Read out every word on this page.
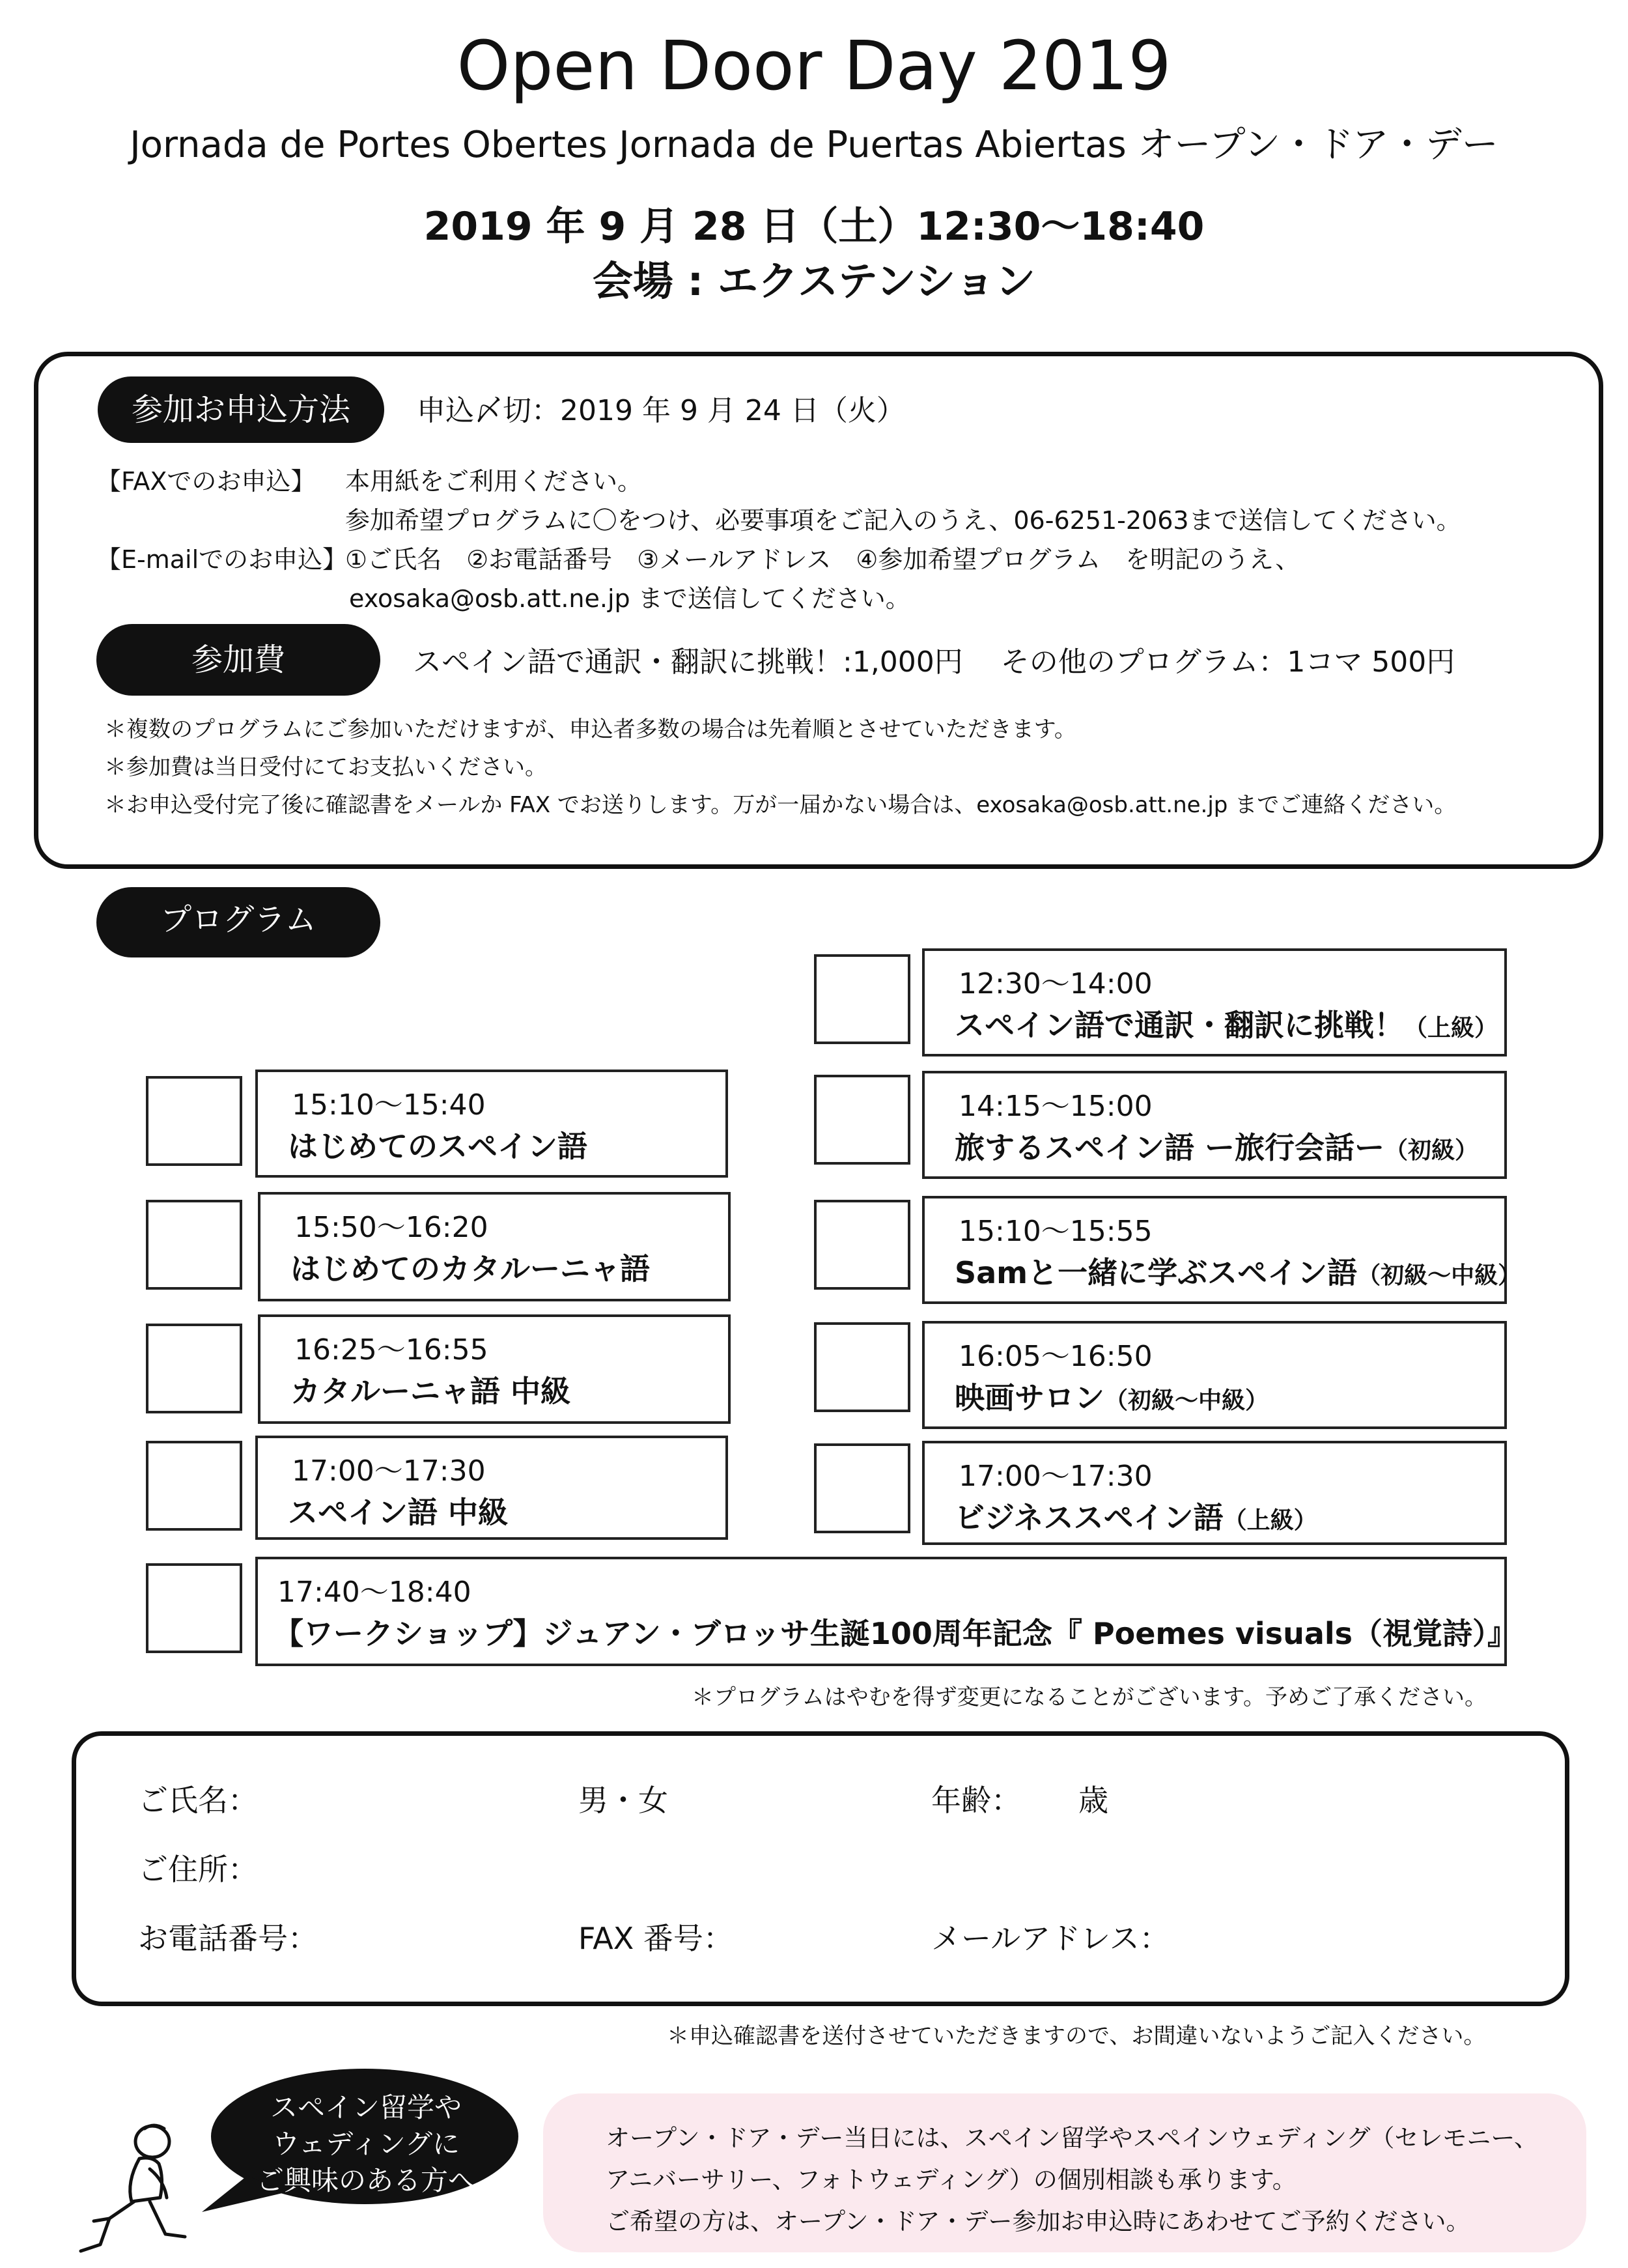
Open Door Day 2019
Jornada de Portes Obertes Jornada de Puertas Abiertas オープン・ドア・デー
2019 年 9 月 28 日（土）12:30〜18:40
会場 : エクステンション
参加お申込方法	申込〆切：2019 年 9 月 24 日（火）
【FAXでのお申込】 本用紙をご利用ください。
参加希望プログラムに〇をつけ、必要事項をご記入のうえ、06-6251-2063まで送信してください。
【E-mailでのお申込】
①ご氏名　②お電話番号　③メールアドレス　④参加希望プログラム　を明記のうえ、
exosaka@osb.att.ne.jp まで送信してください。
参加費	スペイン語で通訳・翻訳に挑戦！:1,000円　 その他のプログラム：1コマ 500円
＊複数のプログラムにご参加いただけますが、申込者多数の場合は先着順とさせていただきます。
＊参加費は当日受付にてお支払いください。
＊お申込受付完了後に確認書をメールか FAX でお送りします。万が一届かない場合は、exosaka@osb.att.ne.jp までご連絡ください。
プログラム
12:30〜14:00
スペイン語で通訳・翻訳に挑戦！（上級）
15:10〜15:40
はじめてのスペイン語
14:15〜15:00
旅するスペイン語 ー旅行会話ー（初級）
15:50〜16:20
はじめてのカタルーニャ語
15:10〜15:55
Samと一緒に学ぶスペイン語（初級〜中級）
16:25〜16:55
カタルーニャ語 中級
16:05〜16:50
映画サロン（初級〜中級）
17:00〜17:30
スペイン語 中級
17:00〜17:30
ビジネススペイン語（上級）
17:40〜18:40
【ワークショップ】ジュアン・ブロッサ生誕100周年記念『 Poemes visuals（視覚詩）』
＊プログラムはやむを得ず変更になることがございます。予めご了承ください。
ご氏名：	男・女	年齢： 歳
ご住所：
お電話番号：	FAX 番号：	メールアドレス：
＊申込確認書を送付させていただきますので、お間違いないようご記入ください。
スペイン留学や
ウェディングに
ご興味のある方へ
オープン・ドア・デー当日には、スペイン留学やスペインウェディング（セレモニー、
アニバーサリー、フォトウェディング）の個別相談も承ります。
ご希望の方は、オープン・ドア・デー参加お申込時にあわせてご予約ください。
